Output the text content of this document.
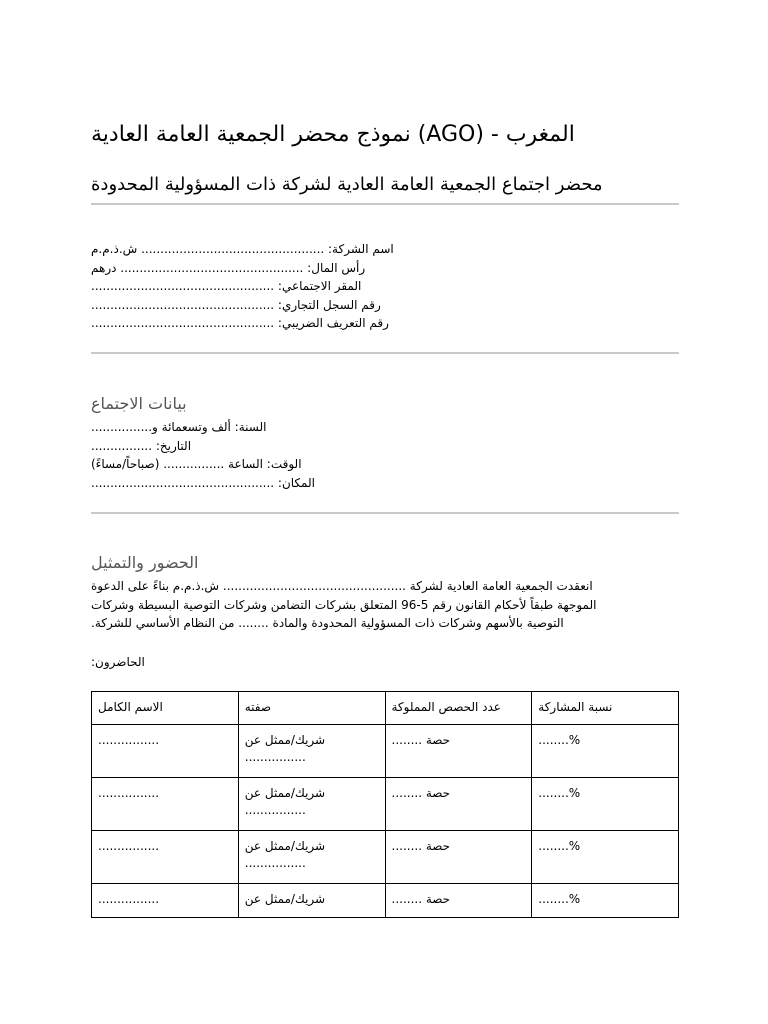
المغرب - (AGO) نموذج محضر الجمعية العامة العادية
محضر اجتماع الجمعية العامة العادية لشركة ذات المسؤولية المحدودة
اسم الشركة: ................................................ ش.ذ.م.م
رأس المال: ................................................ درهم
المقر الاجتماعي: ................................................
رقم السجل التجاري: ................................................
رقم التعريف الضريبي: ................................................
بيانات الاجتماع
السنة: ألف وتسعمائة و................
التاريخ: ................
الوقت: الساعة ................ (صباحاً/مساءً)
المكان: ................................................
الحضور والتمثيل
انعقدت الجمعية العامة العادية لشركة ................................................ ش.ذ.م.م بناءً على الدعوة
الموجهة طبقاً لأحكام القانون رقم 5-96 المتعلق بشركات التضامن وشركات التوصية البسيطة وشركات
التوصية بالأسهم وشركات ذات المسؤولية المحدودة والمادة ........ من النظام الأساسي للشركة.
الحاضرون:
الاسم الكامل	صفته	عدد الحصص المملوكة	نسبة المشاركة
................	شريك/ممثل عن ................	حصة ........	........%
................	شريك/ممثل عن ................	حصة ........	........%
................	شريك/ممثل عن ................	حصة ........	........%
................	شريك/ممثل عن	حصة ........	........%
